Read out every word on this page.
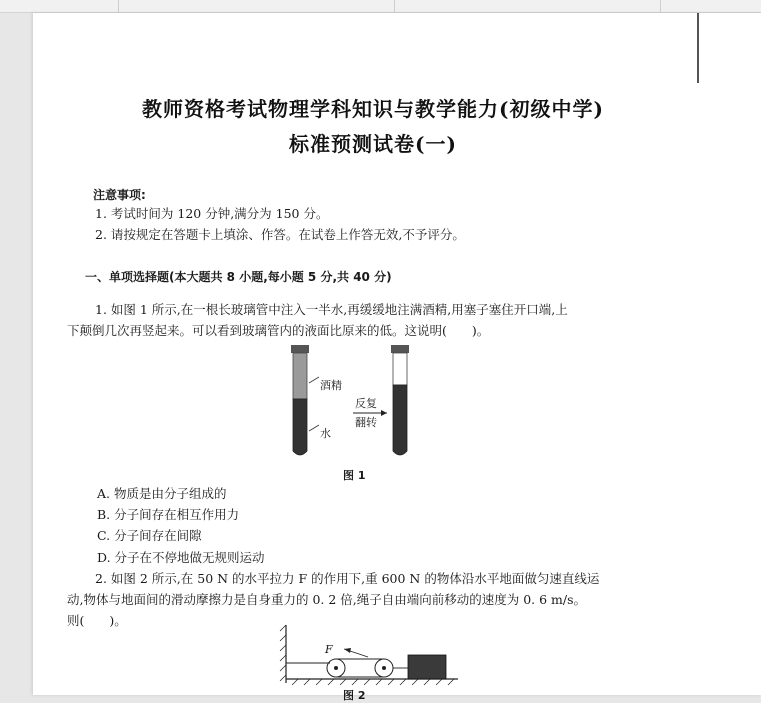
教师资格考试物理学科知识与教学能力(初级中学)
标准预测试卷(一)
注意事项:
1. 考试时间为 120 分钟,满分为 150 分。
2. 请按规定在答题卡上填涂、作答。在试卷上作答无效,不予评分。
一、单项选择题(本大题共 8 小题,每小题 5 分,共 40 分)
1. 如图 1 所示,在一根长玻璃管中注入一半水,再缓缓地注满酒精,用塞子塞住开口端,上
下颠倒几次再竖起来。可以看到玻璃管内的液面比原来的低。这说明(　　)。
酒精
水
反复
翻转
图 1
A. 物质是由分子组成的
B. 分子间存在相互作用力
C. 分子间存在间隙
D. 分子在不停地做无规则运动
2. 如图 2 所示,在 50 N 的水平拉力 F 的作用下,重 600 N 的物体沿水平地面做匀速直线运
动,物体与地面间的滑动摩擦力是自身重力的 0. 2 倍,绳子自由端向前移动的速度为 0. 6 m/s。
则(　　)。
F
图 2
